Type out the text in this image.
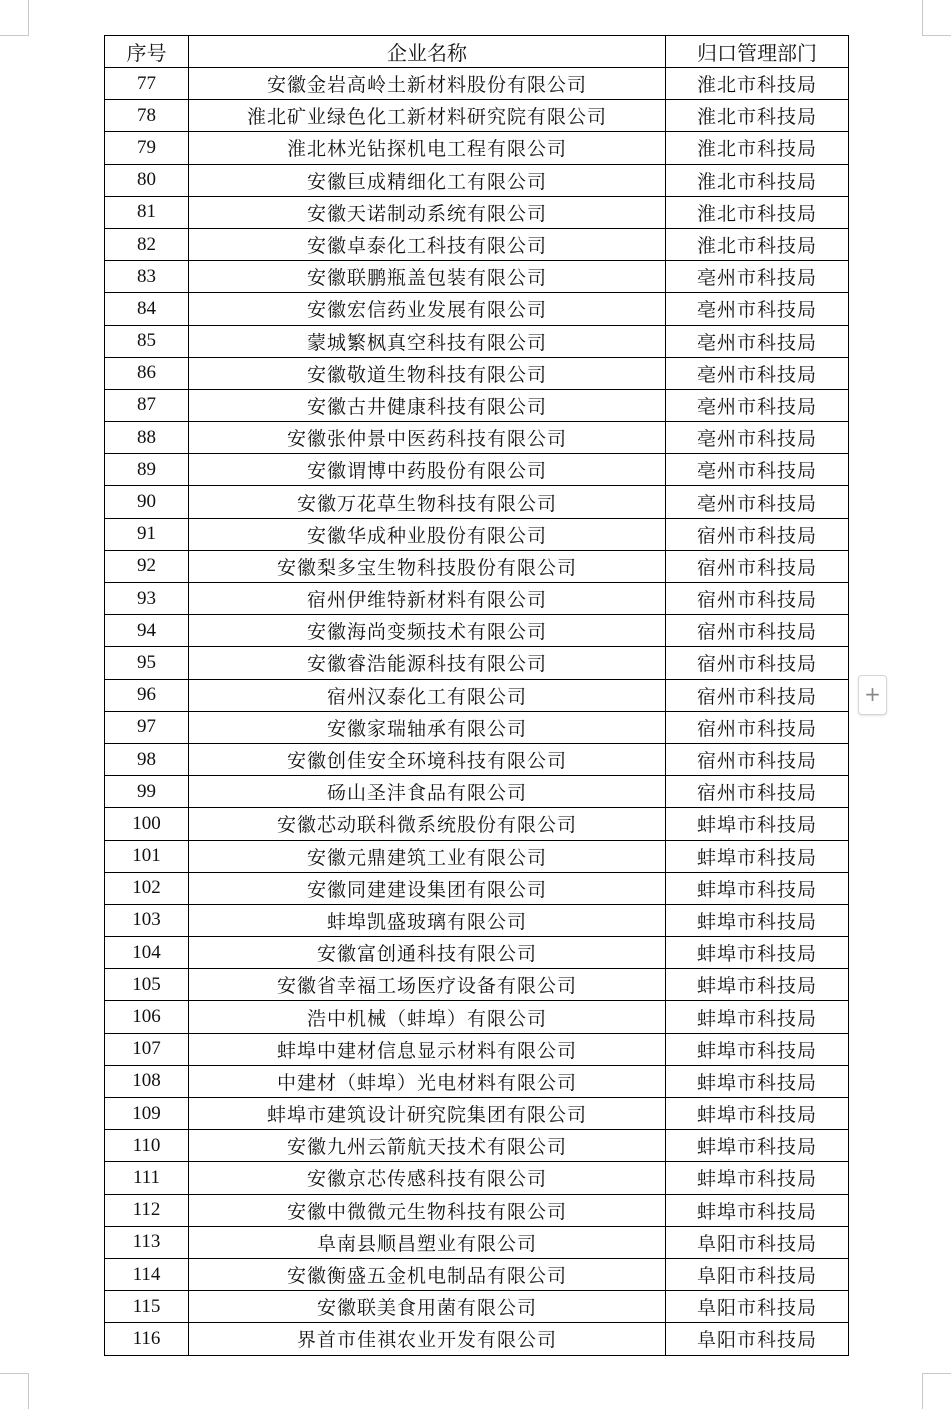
序号	企业名称	归口管理部门
77	安徽金岩高岭土新材料股份有限公司	淮北市科技局
78	淮北矿业绿色化工新材料研究院有限公司	淮北市科技局
79	淮北林光钻探机电工程有限公司	淮北市科技局
80	安徽巨成精细化工有限公司	淮北市科技局
81	安徽天诺制动系统有限公司	淮北市科技局
82	安徽卓泰化工科技有限公司	淮北市科技局
83	安徽联鹏瓶盖包装有限公司	亳州市科技局
84	安徽宏信药业发展有限公司	亳州市科技局
85	蒙城繁枫真空科技有限公司	亳州市科技局
86	安徽敬道生物科技有限公司	亳州市科技局
87	安徽古井健康科技有限公司	亳州市科技局
88	安徽张仲景中医药科技有限公司	亳州市科技局
89	安徽谓博中药股份有限公司	亳州市科技局
90	安徽万花草生物科技有限公司	亳州市科技局
91	安徽华成种业股份有限公司	宿州市科技局
92	安徽梨多宝生物科技股份有限公司	宿州市科技局
93	宿州伊维特新材料有限公司	宿州市科技局
94	安徽海尚变频技术有限公司	宿州市科技局
95	安徽睿浩能源科技有限公司	宿州市科技局
96	宿州汉泰化工有限公司	宿州市科技局
97	安徽家瑞轴承有限公司	宿州市科技局
98	安徽创佳安全环境科技有限公司	宿州市科技局
99	砀山圣沣食品有限公司	宿州市科技局
100	安徽芯动联科微系统股份有限公司	蚌埠市科技局
101	安徽元鼎建筑工业有限公司	蚌埠市科技局
102	安徽同建建设集团有限公司	蚌埠市科技局
103	蚌埠凯盛玻璃有限公司	蚌埠市科技局
104	安徽富创通科技有限公司	蚌埠市科技局
105	安徽省幸福工场医疗设备有限公司	蚌埠市科技局
106	浩中机械（蚌埠）有限公司	蚌埠市科技局
107	蚌埠中建材信息显示材料有限公司	蚌埠市科技局
108	中建材（蚌埠）光电材料有限公司	蚌埠市科技局
109	蚌埠市建筑设计研究院集团有限公司	蚌埠市科技局
110	安徽九州云箭航天技术有限公司	蚌埠市科技局
111	安徽京芯传感科技有限公司	蚌埠市科技局
112	安徽中微微元生物科技有限公司	蚌埠市科技局
113	阜南县顺昌塑业有限公司	阜阳市科技局
114	安徽衡盛五金机电制品有限公司	阜阳市科技局
115	安徽联美食用菌有限公司	阜阳市科技局
116	界首市佳祺农业开发有限公司	阜阳市科技局
+
